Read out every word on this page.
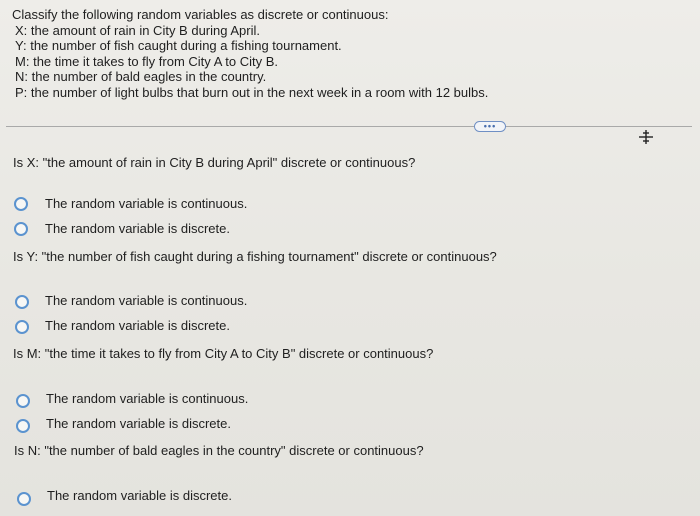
Classify the following random variables as discrete or continuous:
X: the amount of rain in City B during April.
Y: the number of fish caught during a fishing tournament.
M: the time it takes to fly from City A to City B.
N: the number of bald eagles in the country.
P: the number of light bulbs that burn out in the next week in a room with 12 bulbs.
•••
Is X: "the amount of rain in City B during April" discrete or continuous?
The random variable is continuous.
The random variable is discrete.
Is Y: "the number of fish caught during a fishing tournament" discrete or continuous?
The random variable is continuous.
The random variable is discrete.
Is M: "the time it takes to fly from City A to City B" discrete or continuous?
The random variable is continuous.
The random variable is discrete.
Is N: "the number of bald eagles in the country" discrete or continuous?
The random variable is discrete.
